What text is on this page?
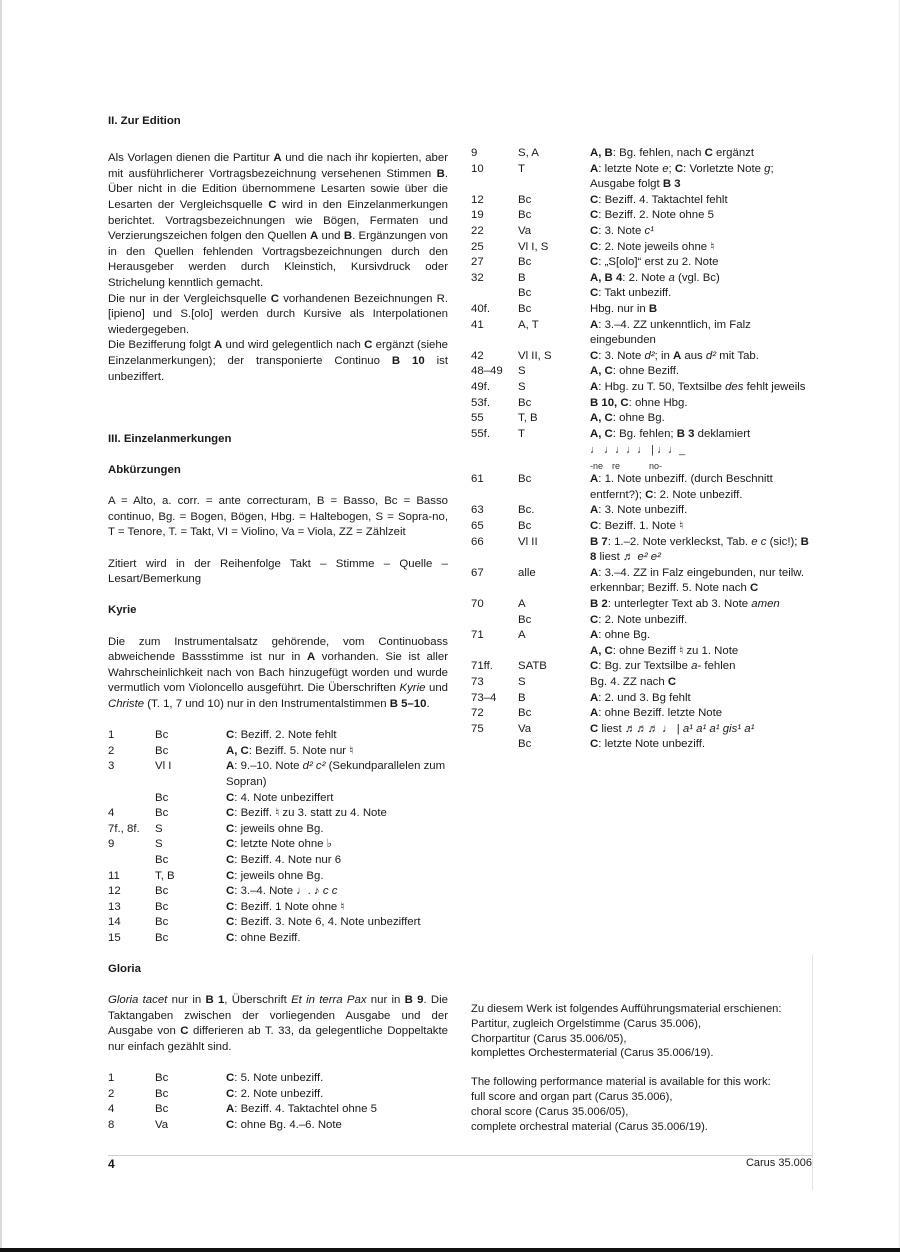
II. Zur Edition

Als Vorlagen dienen die Partitur A und die nach ihr kopierten, aber mit ausführlicherer Vortragsbezeichnung versehenen Stimmen B. Über nicht in die Edition übernommene Lesarten sowie über die Lesarten der Vergleichsquelle C wird in den Einzelanmerkungen berichtet. Vortragsbezeichnungen wie Bögen, Fermaten und Verzierungszeichen folgen den Quellen A und B. Ergänzungen von in den Quellen fehlenden Vortragsbezeichnungen durch den Herausgeber werden durch Kleinstich, Kursivdruck oder Strichelung kenntlich gemacht.

Die nur in der Vergleichsquelle C vorhandenen Bezeichnungen R.[ipieno] und S.[olo] werden durch Kursive als Interpolationen wiedergegeben.

Die Bezifferung folgt A und wird gelegentlich nach C ergänzt (siehe Einzelanmerkungen); der transponierte Continuo B 10 ist unbeziffert.

III. Einzelanmerkungen

Abkürzungen

A = Alto, a. corr. = ante correcturam, B = Basso, Bc = Basso continuo, Bg. = Bogen, Bögen, Hbg. = Haltebogen, S = Sopra-no, T = Tenore, T. = Takt, VI = Violino, Va = Viola, ZZ = Zählzeit

Zitiert wird in der Reihenfolge Takt – Stimme – Quelle – Lesart/Bemerkung

Kyrie

Die zum Instrumentalsatz gehörende, vom Continuobass abweichende Bassstimme ist nur in A vorhanden. Sie ist aller Wahrscheinlichkeit nach von Bach hinzugefügt worden und wurde vermutlich vom Violoncello ausgeführt. Die Überschriften Kyrie und Christe (T. 1, 7 und 10) nur in den Instrumentalstimmen B 5–10.

1	Bc	C: Beziff. 2. Note fehlt
2	Bc	A, C: Beziff. 5. Note nur ♮
3	Vl I	A: 9.–10. Note d² c² (Sekundparallelen zum Sopran)
Bc	C: 4. Note unbeziffert
4	Bc	C: Beziff. ♮ zu 3. statt zu 4. Note
7f., 8f.	S	C: jeweils ohne Bg.
9	S	C: letzte Note ohne ♭
Bc	C: Beziff. 4. Note nur 6
11	T, B	C: jeweils ohne Bg.
12	Bc	C: 3.–4. Note ♩. ♪ c c
13	Bc	C: Beziff. 1 Note ohne ♮
14	Bc	C: Beziff. 3. Note 6, 4. Note unbeziffert
15	Bc	C: ohne Beziff.

Gloria

Gloria tacet nur in B 1, Überschrift Et in terra Pax nur in B 9. Die Taktangaben zwischen der vorliegenden Ausgabe und der Ausgabe von C differieren ab T. 33, da gelegentliche Doppeltakte nur einfach gezählt sind.

1	Bc	C: 5. Note unbeziff.
2	Bc	C: 2. Note unbeziff.
4	Bc	A: Beziff. 4. Taktachtel ohne 5
8	Va	C: ohne Bg. 4.–6. Note
9	S, A	A, B: Bg. fehlen, nach C ergänzt
10	T	A: letzte Note e; C: Vorletzte Note g; Ausgabe folgt B 3
12	Bc	C: Beziff. 4. Taktachtel fehlt
19	Bc	C: Beziff. 2. Note ohne 5
22	Va	C: 3. Note c¹
25	Vl I, S	C: 2. Note jeweils ohne ♮
27	Bc	C: „S[olo]“ erst zu 2. Note
32	B	A, B 4: 2. Note a (vgl. Bc)
Bc	C: Takt unbeziff.
40f.	Bc	Hbg. nur in B
41	A, T	A: 3.–4. ZZ unkenntlich, im Falz eingebunden
42	Vl II, S	C: 3. Note d²; in A aus d² mit Tab.
48–49	S	A, C: ohne Beziff.
49f.	S	A: Hbg. zu T. 50, Textsilbe des fehlt jeweils
53f.	Bc	B 10, C: ohne Hbg.
55	T, B	A, C: ohne Bg.
55f.	T	A, C: Bg. fehlen; B 3 deklamiert
♩ ♩♩♩♩ | ♩♩_
-ne re	no-
61	Bc	A: 1. Note unbeziff. (durch Beschnitt entfernt?); C: 2. Note unbeziff.
63	Bc.	A: 3. Note unbeziff.
65	Bc	C: Beziff. 1. Note ♮
66	Vl II	B 7: 1.–2. Note verkleckst, Tab. e c (sic!); B 8 liest ♬ e² e²
67	alle	A: 3.–4. ZZ in Falz eingebunden, nur teilw. erkennbar; Beziff. 5. Note nach C
70	A	B 2: unterlegter Text ab 3. Note amen
Bc	C: 2. Note unbeziff.
71	A	A: ohne Bg.
A, C: ohne Beziff ♮ zu 1. Note
71ff.	SATB	C: Bg. zur Textsilbe a- fehlen
73	S	Bg. 4. ZZ nach C
73–4	B	A: 2. und 3. Bg fehlt
72	Bc	A: ohne Beziff. letzte Note
75	Va	C liest ♬♬♬ ♩ | a¹ a¹ a¹ gis¹ a¹
Bc	C: letzte Note unbeziff.
Zu diesem Werk ist folgendes Aufführungsmaterial erschienen:
Partitur, zugleich Orgelstimme (Carus 35.006),
Chorpartitur (Carus 35.006/05),
komplettes Orchestermaterial (Carus 35.006/19).
The following performance material is available for this work:
full score and organ part (Carus 35.006),
choral score (Carus 35.006/05),
complete orchestral material (Carus 35.006/19).
4	Carus 35.006
